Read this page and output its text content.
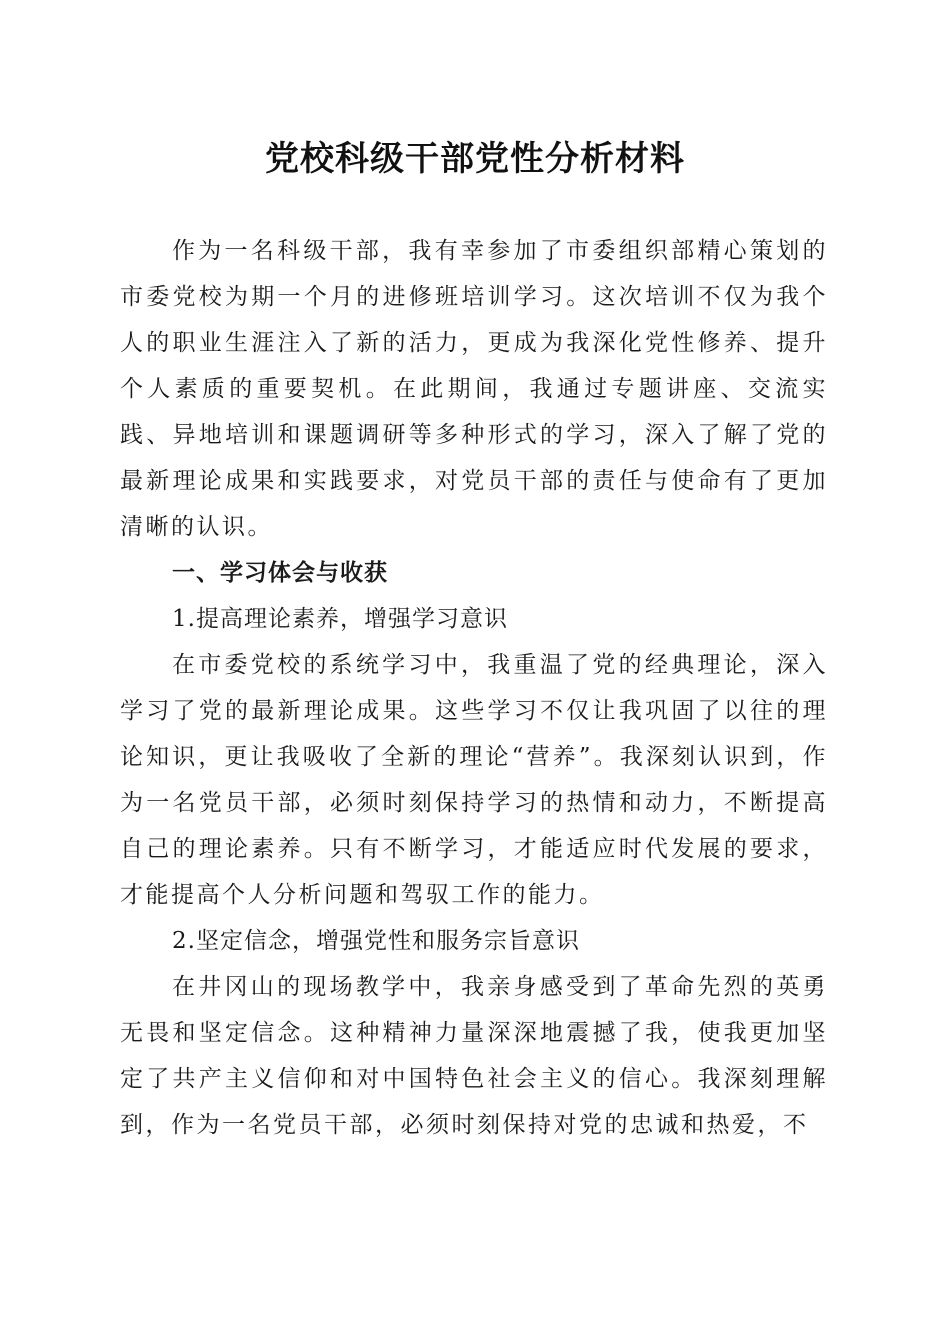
党校科级干部党性分析材料

作为一名科级干部，我有幸参加了市委组织部精心策划的市委党校为期一个月的进修班培训学习。这次培训不仅为我个人的职业生涯注入了新的活力，更成为我深化党性修养、提升个人素质的重要契机。在此期间，我通过专题讲座、交流实践、异地培训和课题调研等多种形式的学习，深入了解了党的最新理论成果和实践要求，对党员干部的责任与使命有了更加清晰的认识。

一、学习体会与收获

1.提高理论素养，增强学习意识

在市委党校的系统学习中，我重温了党的经典理论，深入学习了党的最新理论成果。这些学习不仅让我巩固了以往的理论知识，更让我吸收了全新的理论“营养”。我深刻认识到，作为一名党员干部，必须时刻保持学习的热情和动力，不断提高自己的理论素养。只有不断学习，才能适应时代发展的要求，才能提高个人分析问题和驾驭工作的能力。

2.坚定信念，增强党性和服务宗旨意识

在井冈山的现场教学中，我亲身感受到了革命先烈的英勇无畏和坚定信念。这种精神力量深深地震撼了我，使我更加坚定了共产主义信仰和对中国特色社会主义的信心。我深刻理解到，作为一名党员干部，必须时刻保持对党的忠诚和热爱，不
